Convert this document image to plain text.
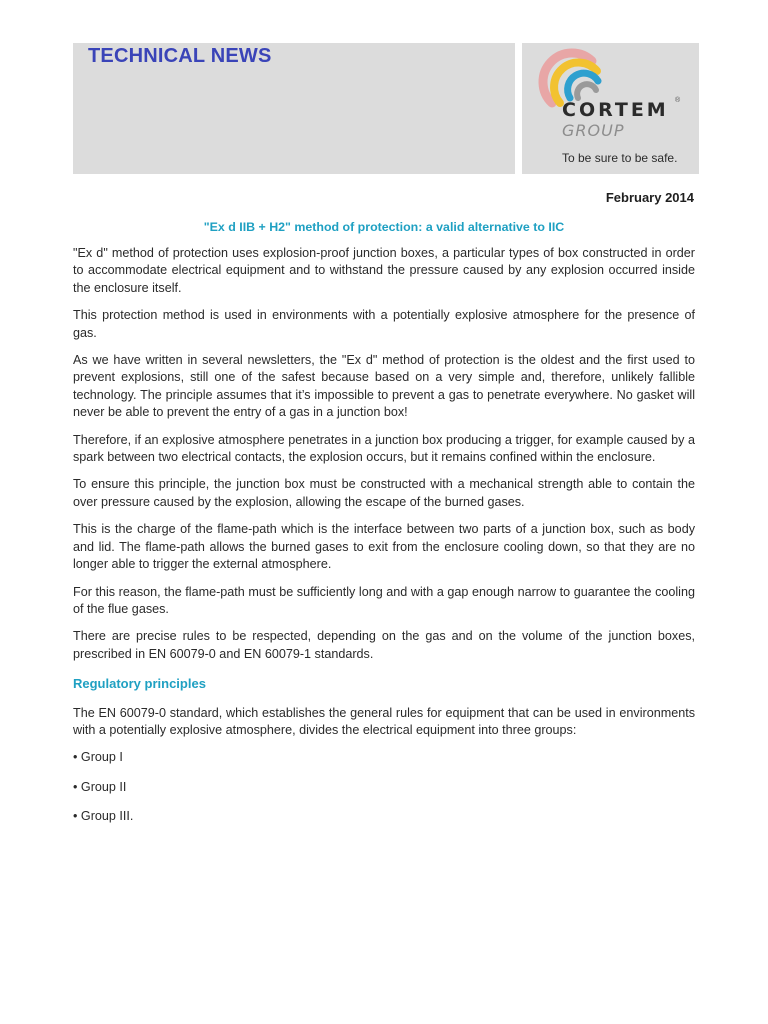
TECHNICAL NEWS
CORTEM ®
GROUP
To be sure to be safe.
February 2014
"Ex d IIB + H2" method of protection: a valid alternative to IIC

"Ex d" method of protection uses explosion-proof junction boxes, a particular types of box constructed in order to accommodate electrical equipment and to withstand the pressure caused by any explosion occurred inside the enclosure itself.

This protection method is used in environments with a potentially explosive atmosphere for the presence of gas.

As we have written in several newsletters, the "Ex d" method of protection is the oldest and the first used to prevent explosions, still one of the safest because based on a very simple and, therefore, unlikely fallible technology. The principle assumes that it’s impossible to prevent a gas to penetrate everywhere. No gasket will never be able to prevent the entry of a gas in a junction box!

Therefore, if an explosive atmosphere penetrates in a junction box producing a trigger, for example caused by a spark between two electrical contacts, the explosion occurs, but it remains confined within the enclosure.

To ensure this principle, the junction box must be constructed with a mechanical strength able to contain the over pressure caused by the explosion, allowing the escape of the burned gases.

This is the charge of the flame-path which is the interface between two parts of a junction box, such as body and lid. The flame-path allows the burned gases to exit from the enclosure cooling down, so that they are no longer able to trigger the external atmosphere.

For this reason, the flame-path must be sufficiently long and with a gap enough narrow to guarantee the cooling of the flue gases.

There are precise rules to be respected, depending on the gas and on the volume of the junction boxes, prescribed in EN 60079-0 and EN 60079-1 standards.

Regulatory principles

The EN 60079-0 standard, which establishes the general rules for equipment that can be used in environments with a potentially explosive atmosphere, divides the electrical equipment into three groups:

• Group I

• Group II

• Group III.
